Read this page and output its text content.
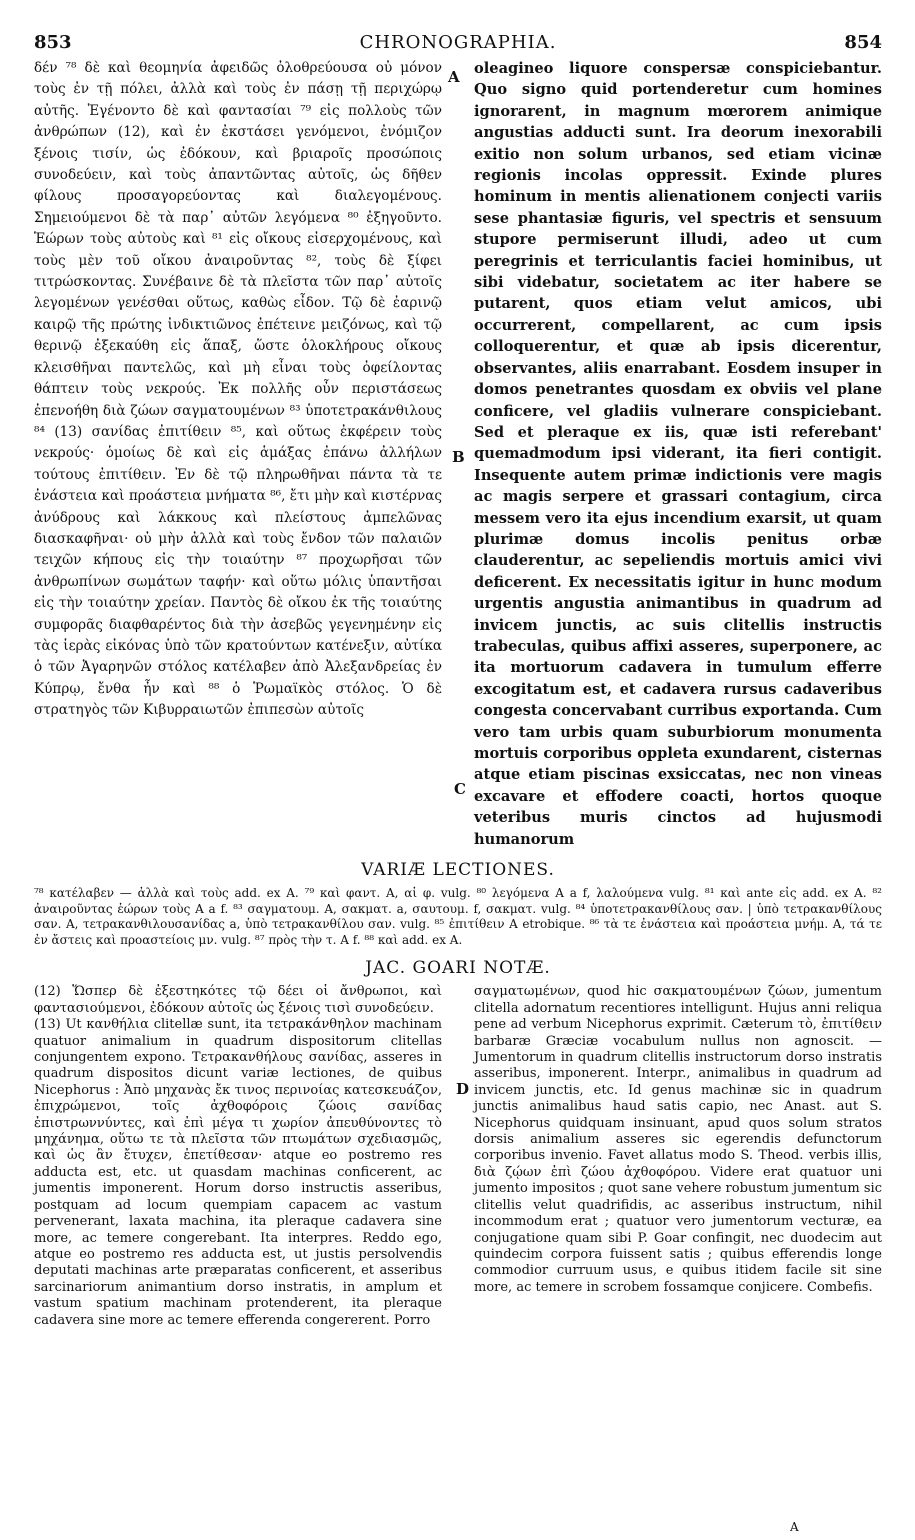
853	CHRONOGRAPHIA.	854

δέν ⁷⁸ δὲ καὶ θεομηνία ἀφειδῶς ὀλοθρεύουσα οὐ μόνον τοὺς ἐν τῇ πόλει, ἀλλὰ καὶ τοὺς ἐν πάσῃ τῇ περιχώρῳ αὐτῆς. Ἐγένοντο δὲ καὶ φαντασίαι ⁷⁹ εἰς πολλοὺς τῶν ἀνθρώπων (12), καὶ ἐν ἐκστάσει γενόμενοι, ἐνόμιζον ξένοις τισίν, ὡς ἐδόκουν, καὶ βριαροῖς προσώποις συνοδεύειν, καὶ τοὺς ἀπαντῶντας αὐτοῖς, ὡς δῆθεν φίλους προσαγορεύοντας καὶ διαλεγομένους. Σημειούμενοι δὲ τὰ παρ᾽ αὐτῶν λεγόμενα ⁸⁰ ἐξηγοῦντο. Ἑώρων τοὺς αὐτοὺς καὶ ⁸¹ εἰς οἴκους εἰσερχομένους, καὶ τοὺς μὲν τοῦ οἴκου ἀναιροῦντας ⁸², τοὺς δὲ ξίφει τιτρώσκοντας. Συνέβαινε δὲ τὰ πλεῖστα τῶν παρ᾽ αὐτοῖς λεγομένων γενέσθαι οὕτως, καθὼς εἶδον. Τῷ δὲ ἐαρινῷ καιρῷ τῆς πρώτης ἰνδικτιῶνος ἐπέτεινε μειζόνως, καὶ τῷ θερινῷ ἐξεκαύθη εἰς ἅπαξ, ὥστε ὁλοκλήρους οἴκους κλεισθῆναι παντελῶς, καὶ μὴ εἶναι τοὺς ὀφείλοντας θάπτειν τοὺς νεκρούς. Ἐκ πολλῆς οὖν περιστάσεως ἐπενοήθη διὰ ζώων σαγματουμένων ⁸³ ὑποτετρακάνθιλους ⁸⁴ (13) σανίδας ἐπιτίθειν ⁸⁵, καὶ οὕτως ἐκφέρειν τοὺς νεκρούς· ὁμοίως δὲ καὶ εἰς ἁμάξας ἐπάνω ἀλλήλων τούτους ἐπιτίθειν. Ἐν δὲ τῷ πληρωθῆναι πάντα τὰ τε ἐνάστεια καὶ προάστεια μνήματα ⁸⁶, ἔτι μὴν καὶ κιστέρνας ἀνύδρους καὶ λάκκους καὶ πλείστους ἀμπελῶνας διασκαφῆναι· οὐ μὴν ἀλλὰ καὶ τοὺς ἔνδον τῶν παλαιῶν τειχῶν κήπους εἰς τὴν τοιαύτην ⁸⁷ προχωρῆσαι τῶν ἀνθρωπίνων σωμάτων ταφήν· καὶ οὕτω μόλις ὑπαντῆσαι εἰς τὴν τοιαύτην χρείαν. Παντὸς δὲ οἴκου ἐκ τῆς τοιαύτης συμφορᾶς διαφθαρέντος διὰ τὴν ἀσεβῶς γεγενημένην εἰς τὰς ἱερὰς εἰκόνας ὑπὸ τῶν κρατούντων κατένεξιν, αὐτίκα ὁ τῶν Ἀγαρηνῶν στόλος κατέλαβεν ἀπὸ Ἀλεξανδρείας ἐν Κύπρῳ, ἔνθα ἦν καὶ ⁸⁸ ὁ Ῥωμαϊκὸς στόλος. Ὁ δὲ στρατηγὸς τῶν Κιβυρραιωτῶν ἐπιπεσὼν αὐτοῖς

oleagineo liquore conspersæ conspiciebantur. Quo signo quid portenderetur cum homines ignorarent, in magnum mœrorem animique angustias adducti sunt. Ira deorum inexorabili exitio non solum urbanos, sed etiam vicinæ regionis incolas oppressit. Exinde plures hominum in mentis alienationem conjecti variis sese phantasiæ figuris, vel spectris et sensuum stupore permiserunt illudi, adeo ut cum peregrinis et terriculantis faciei hominibus, ut sibi videbatur, societatem ac iter habere se putarent, quos etiam velut amicos, ubi occurrerent, compellarent, ac cum ipsis colloquerentur, et quæ ab ipsis dicerentur, observantes, aliis enarrabant. Eosdem insuper in domos penetrantes quosdam ex obviis vel plane conficere, vel gladiis vulnerare conspiciebant. Sed et pleraque ex iis, quæ isti referebant' quemadmodum ipsi viderant, ita fieri contigit. Insequente autem primæ indictionis vere magis ac magis serpere et grassari contagium, circa messem vero ita ejus incendium exarsit, ut quam plurimæ domus incolis penitus orbæ clauderentur, ac sepeliendis mortuis amici vivi deficerent. Ex necessitatis igitur in hunc modum urgentis angustia animantibus in quadrum ad invicem junctis, ac suis clitellis instructis trabeculas, quibus affixi asseres, superponere, ac ita mortuorum cadavera in tumulum efferre excogitatum est, et cadavera rursus cadaveribus congesta concervabant curribus exportanda. Cum vero tam urbis quam suburbiorum monumenta mortuis corporibus oppleta exundarent, cisternas atque etiam piscinas exsiccatas, nec non vineas excavare et effodere coacti, hortos quoque veteribus muris cinctos ad hujusmodi humanorum

A
B
C
VARIÆ LECTIONES.

⁷⁸ κατέλαβεν — ἀλλὰ καὶ τοὺς add. ex A. ⁷⁹ καὶ φαντ. A, αἱ φ. vulg. ⁸⁰ λεγόμενα A a f, λαλούμενα vulg. ⁸¹ καὶ ante εἰς add. ex A. ⁸² ἀναιροῦντας ἑώρων τοὺς A a f. ⁸³ σαγματουμ. A, σακματ. a, σαυτουμ. f, σακματ. vulg. ⁸⁴ ὑποτετρακανθίλους σαν. | ὑπὸ τετρακανθίλους σαν. A, τετρακανθιλουσανίδας a, ὑπὸ τετρακανθίλου σαν. vulg. ⁸⁵ ἐπιτίθειν A etrobique. ⁸⁶ τὰ τε ἐνάστεια καὶ προάστεια μνήμ. A, τά τε ἐν ἄστεις καὶ προαστείοις μν. vulg. ⁸⁷ πρὸς τὴν τ. A f. ⁸⁸ καὶ add. ex A.

JAC. GOARI NOTÆ.

(12) Ὥσπερ δὲ ἐξεστηκότες τῷ δέει οἱ ἄνθρωποι, καὶ φαντασιούμενοι, ἐδόκουν αὐτοῖς ὡς ξένοις τισὶ συνοδεύειν.

(13) Ut κανθήλια clitellæ sunt, ita τετρακάνθηλον machinam quatuor animalium in quadrum dispositorum clitellas conjungentem exponο. Τετρακανθήλους σανίδας, asseres in quadrum dispositos dicunt variæ lectiones, de quibus Nicephorus : Ἀπὸ μηχανὰς ἔκ τινος περινοίας κατεσκευάζον, ἐπιχρώμενοι, τοῖς ἀχθοφόροις ζώοις σανίδας ἐπιστρωννύντες, καὶ ἐπὶ μέγα τι χωρίον ἀπευθύνοντες τὸ μηχάνημα, οὕτω τε τὰ πλεῖστα τῶν πτωμάτων σχεδιασμῶς, καὶ ὡς ἂν ἔτυχεν, ἐπετίθεσαν· atque eo postremo res adducta est, etc. ut quasdam machinas conficerent, ac jumentis imponerent. Horum dorso instructis asseribus, postquam ad locum quempiam capacem ac vastum pervenerant, laxata machina, ita pleraque cadavera sine more, ac temere congerebant. Ita interpres. Reddo ego, atque eo postremo res adducta est, ut justis persolvendis deputati machinas arte præparatas conficerent, et asseribus sarcinariorum animantium dorso instratis, in amplum et vastum spatium machinam protenderent, ita pleraque cadavera sine more ac temere efferenda congererent. Porro

σαγματωμένων, quod hic σακματουμένων ζώων, jumentum clitella adornatum recentiores intelligunt. Hujus anni reliqua pene ad verbum Nicephorus exprimit. Cæterum τὸ, ἐπιτίθειν barbaræ Græciæ vocabulum nullus non agnoscit. — Jumentorum in quadrum clitellis instructorum dorso instratis asseribus, imponerent. Interpr., animalibus in quadrum ad invicem junctis, etc. Id genus machinæ sic in quadrum junctis animalibus haud satis capio, nec Anast. aut S. Nicephorus quidquam insinuant, apud quos solum stratos dorsis animalium asseres sic egerendis defunctorum corporibus invenio. Favet allatus modo S. Theod. verbis illis, διὰ ζῴων ἐπὶ ζώου ἀχθοφόρου. Videre erat quatuor uni jumento impositos ; quot sane vehere robustum jumentum sic clitellis velut quadrifidis, ac asseribus instructum, nihil incommodum erat ; quatuor vero jumentorum vecturæ, ea conjugatione quam sibi P. Goar confingit, nec duodecim aut quindecim corpora fuissent satis ; quibus efferendis longe commodior curruum usus, e quibus itidem facile sit sine more, ac temere in scrobem fossamque conjicere. Combefis.

D
A
